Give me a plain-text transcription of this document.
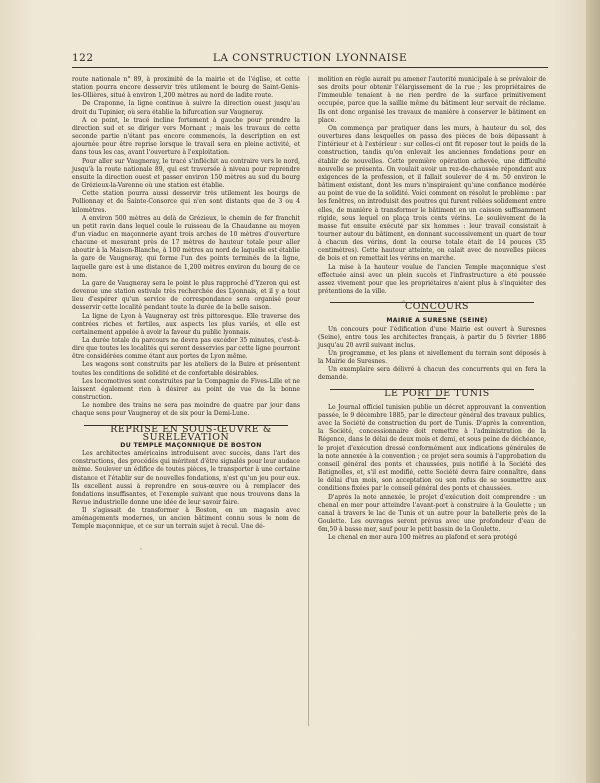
122	LA CONSTRUCTION LYONNAISE

route nationale n° 89, à proximité de la mairie et de l'église, et cette station pourra encore desservir très utilement le bourg de Saint-Genis-les-Ollières, situé à environ 1,200 mètres au nord de ladite route.

De Craponne, la ligne continue à suivre la direction ouest jusqu'au droit du Tupinier, où sera établie la bifurcation sur Vaugneray.

A ce point, le tracé incline fortement à gauche pour prendre la direction sud et se diriger vers Mornant ; mais les travaux de cette seconde partie n'étant pas encore commencés, la description en est ajournée pour être reprise lorsque le travail sera en pleine activité, et dans tous les cas, avant l'ouverture à l'exploitation.

Pour aller sur Vaugneray, le tracé s'infléchit au contraire vers le nord, jusqu'à la route nationale 89, qui est traversée à niveau pour reprendre ensuite la direction ouest et passer environ 150 mètres au sud du bourg de Grézieux-la-Varenne où une station est établie.

Cette station pourra aussi desservir très utilement les bourgs de Pollionnay et de Sainte-Consorce qui n'en sont distants que de 3 ou 4 kilomètres.

A environ 500 mètres au delà de Grézieux, le chemin de fer franchit un petit ravin dans lequel coule le ruisseau de la Chaudanne au moyen d'un viaduc en maçonnerie ayant trois arches de 10 mètres d'ouverture chacune et mesurant près de 17 mètres de hauteur totale pour aller aboutir à la Maison-Blanche, à 100 mètres au nord de laquelle est établie la gare de Vaugneray, qui forme l'un des points terminés de la ligne, laquelle gare est à une distance de 1,200 mètres environ du bourg de ce nom.

La gare de Vaugneray sera le point le plus rapproché d'Yzeron qui est devenue une station estivale très recherchée des Lyonnais, et il y a tout lieu d'espérer qu'un service de correspondance sera organisé pour desservir cette localité pendant toute la durée de la belle saison.

La ligne de Lyon à Vaugneray est très pittoresque. Elle traverse des contrées riches et fertiles, aux aspects les plus variés, et elle est certainement appelée à avoir la faveur du public lyonnais.

La durée totale du parcours ne devra pas excéder 35 minutes, c'est-à-dire que toutes les localités qui seront desservies par cette ligne pourront être considérées comme étant aux portes de Lyon même.

Les wagons sont construits par les ateliers de la Buire et présentent toutes les conditions de solidité et de confortable désirables.

Les locomotives sont construites par la Compagnie de Fives-Lille et ne laissent également rien à désirer au point de vue de la bonne construction.

Le nombre des trains ne sera pas moindre de quatre par jour dans chaque sens pour Vaugneray et de six pour la Demi-Lune.

REPRISE EN SOUS-ŒUVRE & SURÉLÉVATION

DU TEMPLE MAÇONNIQUE DE BOSTON

Les architectes américains introduisent avec succès, dans l'art des constructions, des procédés qui méritent d'être signalés pour leur audace même. Soulever un édifice de toutes pièces, le transporter à une certaine distance et l'établir sur de nouvelles fondations, n'est qu'un jeu pour eux. Ils excellent aussi à reprendre en sous-œuvre ou à remplacer des fondations insuffisantes, et l'exemple suivant que nous trouvons dans la Revue industrielle donne une idée de leur savoir faire.

Il s'agissait de transformer à Boston, en un magasin avec aménagements modernes, un ancien bâtiment connu sous le nom de Temple maçonnique, et ce sur un terrain sujet à recul. Une dé-

molition en règle aurait pu amener l'autorité municipale à se prévaloir de ses droits pour obtenir l'élargissement de la rue ; les propriétaires de l'immeuble tenaient à ne rien perdre de la surface primitivement occupée, parce que la saillie même du bâtiment leur servait de réclame. Ils ont donc organisé les travaux de manière à conserver le bâtiment en place.

On commença par pratiquer dans les murs, à hauteur du sol, des ouvertures dans lesquelles on passa des pièces de bois dépassant à l'intérieur et à l'extérieur : sur celles-ci ont fit reposer tout le poids de la construction, tandis qu'on enlevait les anciennes fondations pour en établir de nouvelles. Cette première opération achevée, une difficulté nouvelle se présenta. On voulait avoir un rez-de-chaussée répondant aux exigences de la profession, et il fallait soulever de 4 m. 50 environ le bâtiment existant, dont les murs n'inspiraient qu'une confiance modérée au point de vue de la solidité. Voici comment on résolut le problème : par les fenêtres, on introduisit des poutres qui furent reliées solidement entre elles, de manière à transformer le bâtiment en un caisson suffisamment rigide, sous lequel on plaça trois cents vérins. Le soulèvement de la masse fut ensuite exécuté par six hommes : leur travail consistait à tourner autour du bâtiment, en donnant successivement un quart de tour à chacun des vérins, dont la course totale était de 14 pouces (35 centimètres). Cette hauteur atteinte, on calait avec de nouvelles pièces de bois et on remettait les vérins en marche.

La mise à la hauteur voulue de l'ancien Temple maçonnique s'est effectuée ainsi avec un plein succès et l'infrastructure a été poussée assez vivement pour que les propriétaires n'aient plus à s'inquiéter des prétentions de la ville.

CONCOURS

MAIRIE A SURESNE (SEINE)

Un concours pour l'édification d'une Mairie est ouvert à Suresnes (Seine), entre tous les architectes français, à partir du 5 février 1886 jusqu'au 20 avril suivant inclus.

Un programme, et les plans et nivellement du terrain sont déposés à la Mairie de Suresnes.

Un exemplaire sera délivré à chacun des concurrents qui en fera la demande.

LE PORT DE TUNIS

Le Journal officiel tunisien publie un décret approuvant la convention passée, le 9 décembre 1885, par le directeur général des travaux publics, avec la Société de construction du port de Tunis. D'après la convention, la Société, concessionnaire doit remettre à l'administration de la Régence, dans le délai de deux mois et demi, et sous peine de déchéance, le projet d'exécution dressé conformément aux indications générales de la note annexée à la convention ; ce projet sera soumis à l'approbation du conseil général des ponts et chaussées, puis notifié à la Société des Batignolles, et, s'il est modifié, cette Société devra faire connaître, dans le délai d'un mois, son acceptation ou son refus de se soumettre aux conditions fixées par le conseil général des ponts et chaussées.

D'après la note annexée, le projet d'exécution doit comprendre : un chenal en mer pour atteindre l'avant-port à construire à la Goulette ; un canal à travers le lac de Tunis et un autre pour la batellerie près de la Goulette. Les ouvrages seront prévus avec une profondeur d'eau de 6m,50 à basse mer, sauf pour le petit bassin de la Goulette.

Le chenal en mer aura 100 mètres au plafond et sera protégé
